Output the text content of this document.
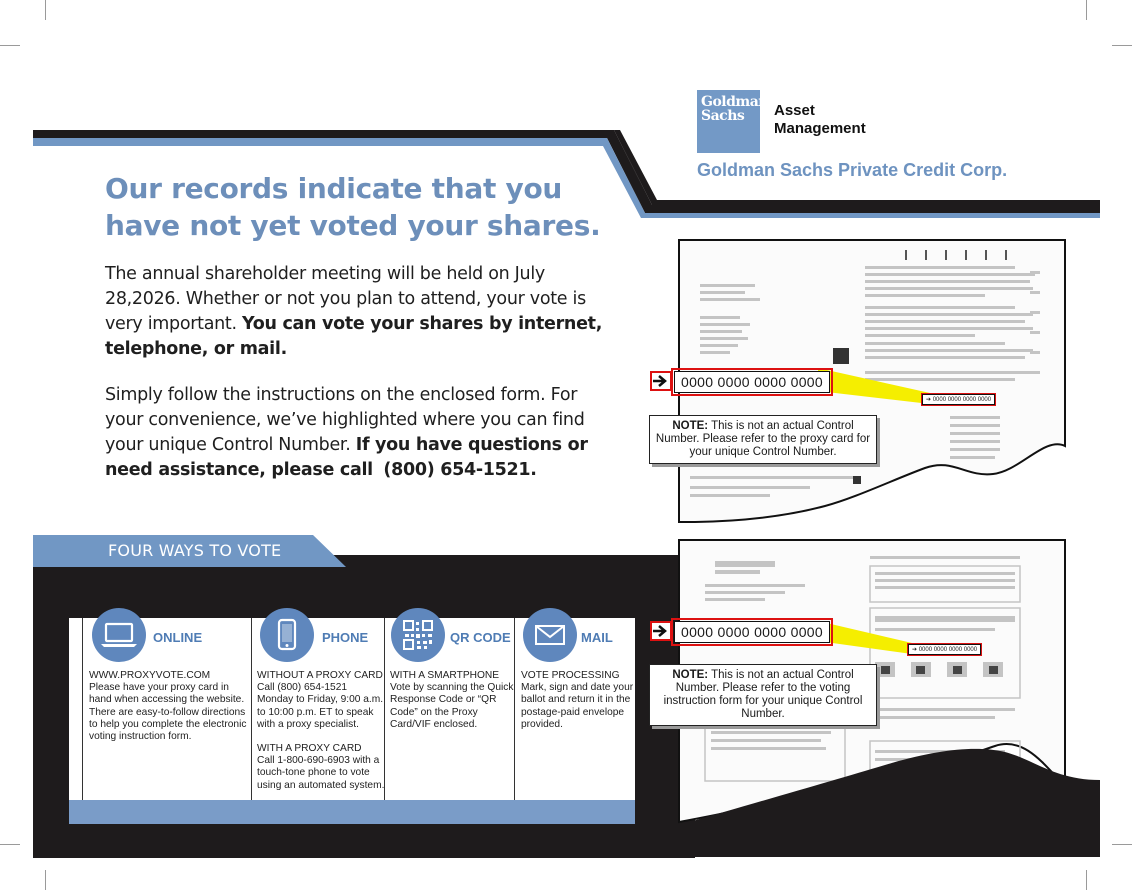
Goldman
Sachs	Asset
Management
Goldman Sachs Private Credit Corp.
Our records indicate that you
have not yet voted your shares.
The annual shareholder meeting will be held on July 28,2026. Whether or not you plan to attend, your vote is very important. You can vote your shares by internet, telephone, or mail.
Simply follow the instructions on the enclosed form. For your convenience, we’ve highlighted where you can find your unique Control Number. If you have questions or need assistance, please call (800) 654-1521.
FOUR WAYS TO VOTE
ONLINE
WWW.PROXYVOTE.COM
Please have your proxy card in hand when accessing the website. There are easy-to-follow directions to help you complete the electronic voting instruction form.
PHONE
WITHOUT A PROXY CARD

Call (800) 654-1521 Monday to Friday, 9:00 a.m. to 10:00 p.m. ET to speak with a proxy specialist.

WITH A PROXY CARD
Call 1-800-690-6903 with a touch-tone phone to vote using an automated system.
QR CODE
WITH A SMARTPHONE
Vote by scanning the Quick Response Code or “QR Code” on the Proxy Card/VIF enclosed.
MAIL
VOTE PROCESSING
Mark, sign and date your ballot and return it in the postage-paid envelope provided.
0000 0000 0000 0000
➔ 0000 0000 0000 0000
NOTE: This is not an actual Control Number. Please refer to the proxy card for your unique Control Number.
0000 0000 0000 0000
➔ 0000 0000 0000 0000
NOTE: This is not an actual Control Number. Please refer to the voting instruction form for your unique Control Number.
